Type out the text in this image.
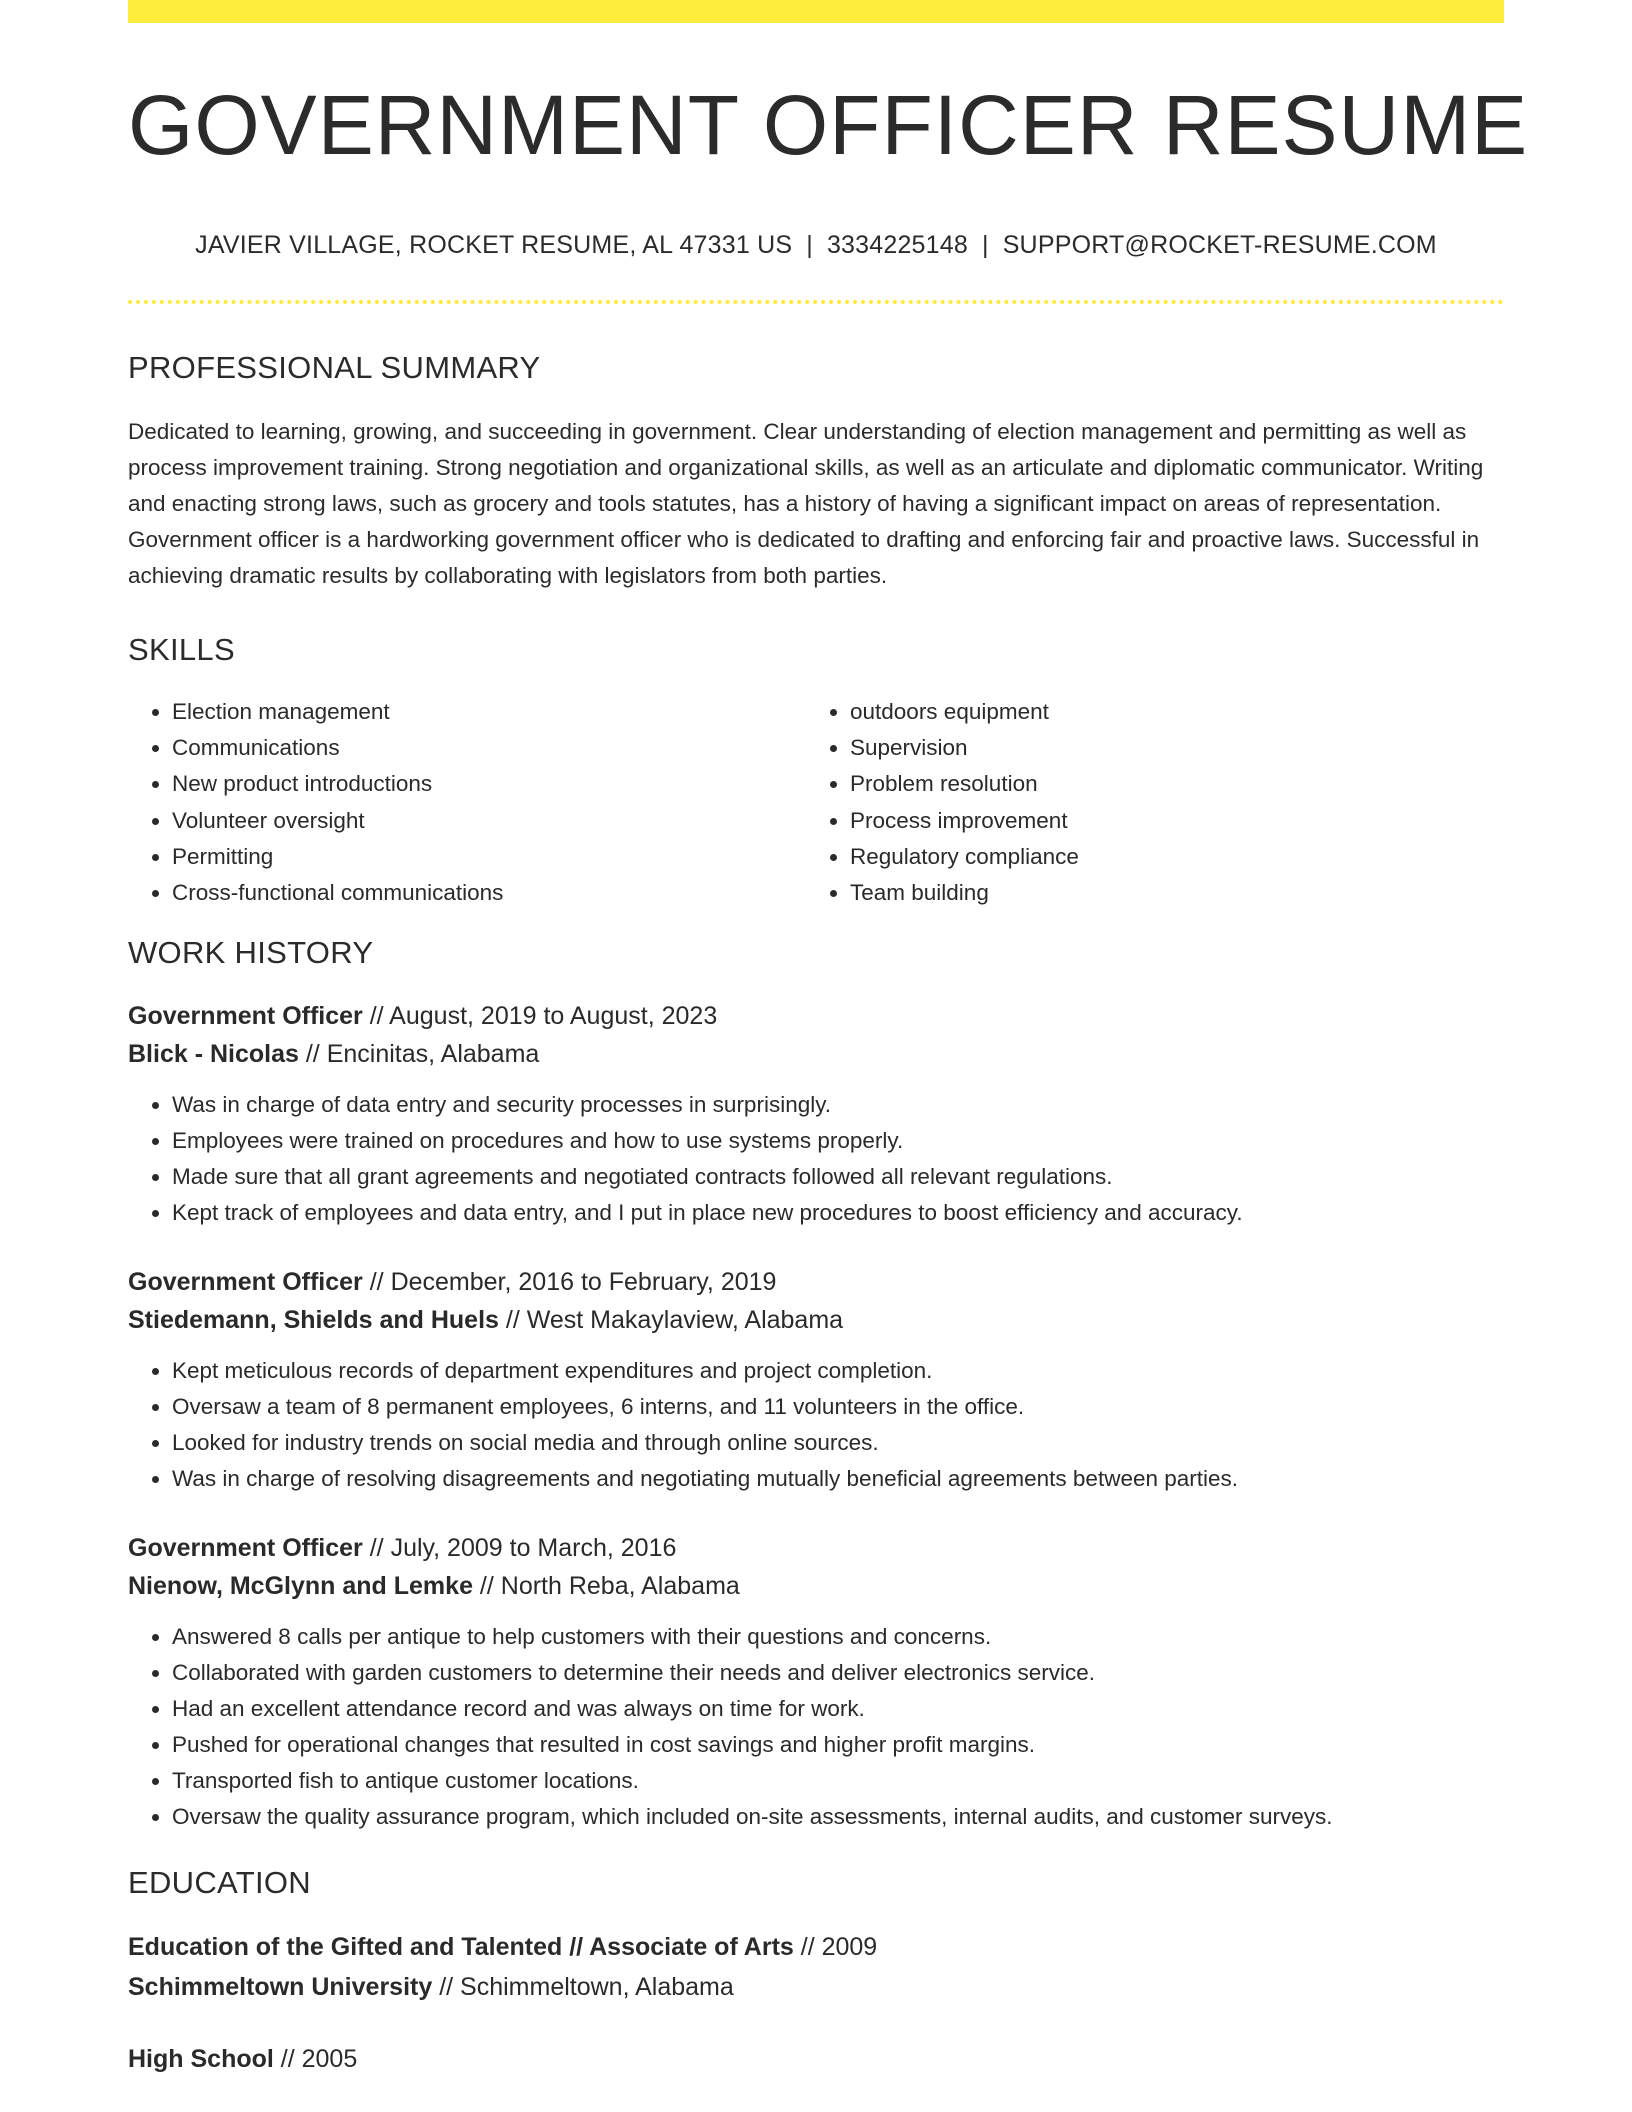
GOVERNMENT OFFICER RESUME
JAVIER VILLAGE, ROCKET RESUME, AL 47331 US | 3334225148 | SUPPORT@ROCKET-RESUME.COM
PROFESSIONAL SUMMARY
Dedicated to learning, growing, and succeeding in government. Clear understanding of election management and permitting as well as process improvement training. Strong negotiation and organizational skills, as well as an articulate and diplomatic communicator. Writing and enacting strong laws, such as grocery and tools statutes, has a history of having a significant impact on areas of representation. Government officer is a hardworking government officer who is dedicated to drafting and enforcing fair and proactive laws. Successful in achieving dramatic results by collaborating with legislators from both parties.
SKILLS
• Election management
• Communications
• New product introductions
• Volunteer oversight
• Permitting
• Cross-functional communications
• outdoors equipment
• Supervision
• Problem resolution
• Process improvement
• Regulatory compliance
• Team building
WORK HISTORY
Government Officer // August, 2019 to August, 2023
Blick - Nicolas // Encinitas, Alabama
• Was in charge of data entry and security processes in surprisingly.
• Employees were trained on procedures and how to use systems properly.
• Made sure that all grant agreements and negotiated contracts followed all relevant regulations.
• Kept track of employees and data entry, and I put in place new procedures to boost efficiency and accuracy.
Government Officer // December, 2016 to February, 2019
Stiedemann, Shields and Huels // West Makaylaview, Alabama
• Kept meticulous records of department expenditures and project completion.
• Oversaw a team of 8 permanent employees, 6 interns, and 11 volunteers in the office.
• Looked for industry trends on social media and through online sources.
• Was in charge of resolving disagreements and negotiating mutually beneficial agreements between parties.
Government Officer // July, 2009 to March, 2016
Nienow, McGlynn and Lemke // North Reba, Alabama
• Answered 8 calls per antique to help customers with their questions and concerns.
• Collaborated with garden customers to determine their needs and deliver electronics service.
• Had an excellent attendance record and was always on time for work.
• Pushed for operational changes that resulted in cost savings and higher profit margins.
• Transported fish to antique customer locations.
• Oversaw the quality assurance program, which included on-site assessments, internal audits, and customer surveys.
EDUCATION
Education of the Gifted and Talented // Associate of Arts // 2009
Schimmeltown University // Schimmeltown, Alabama
High School // 2005
